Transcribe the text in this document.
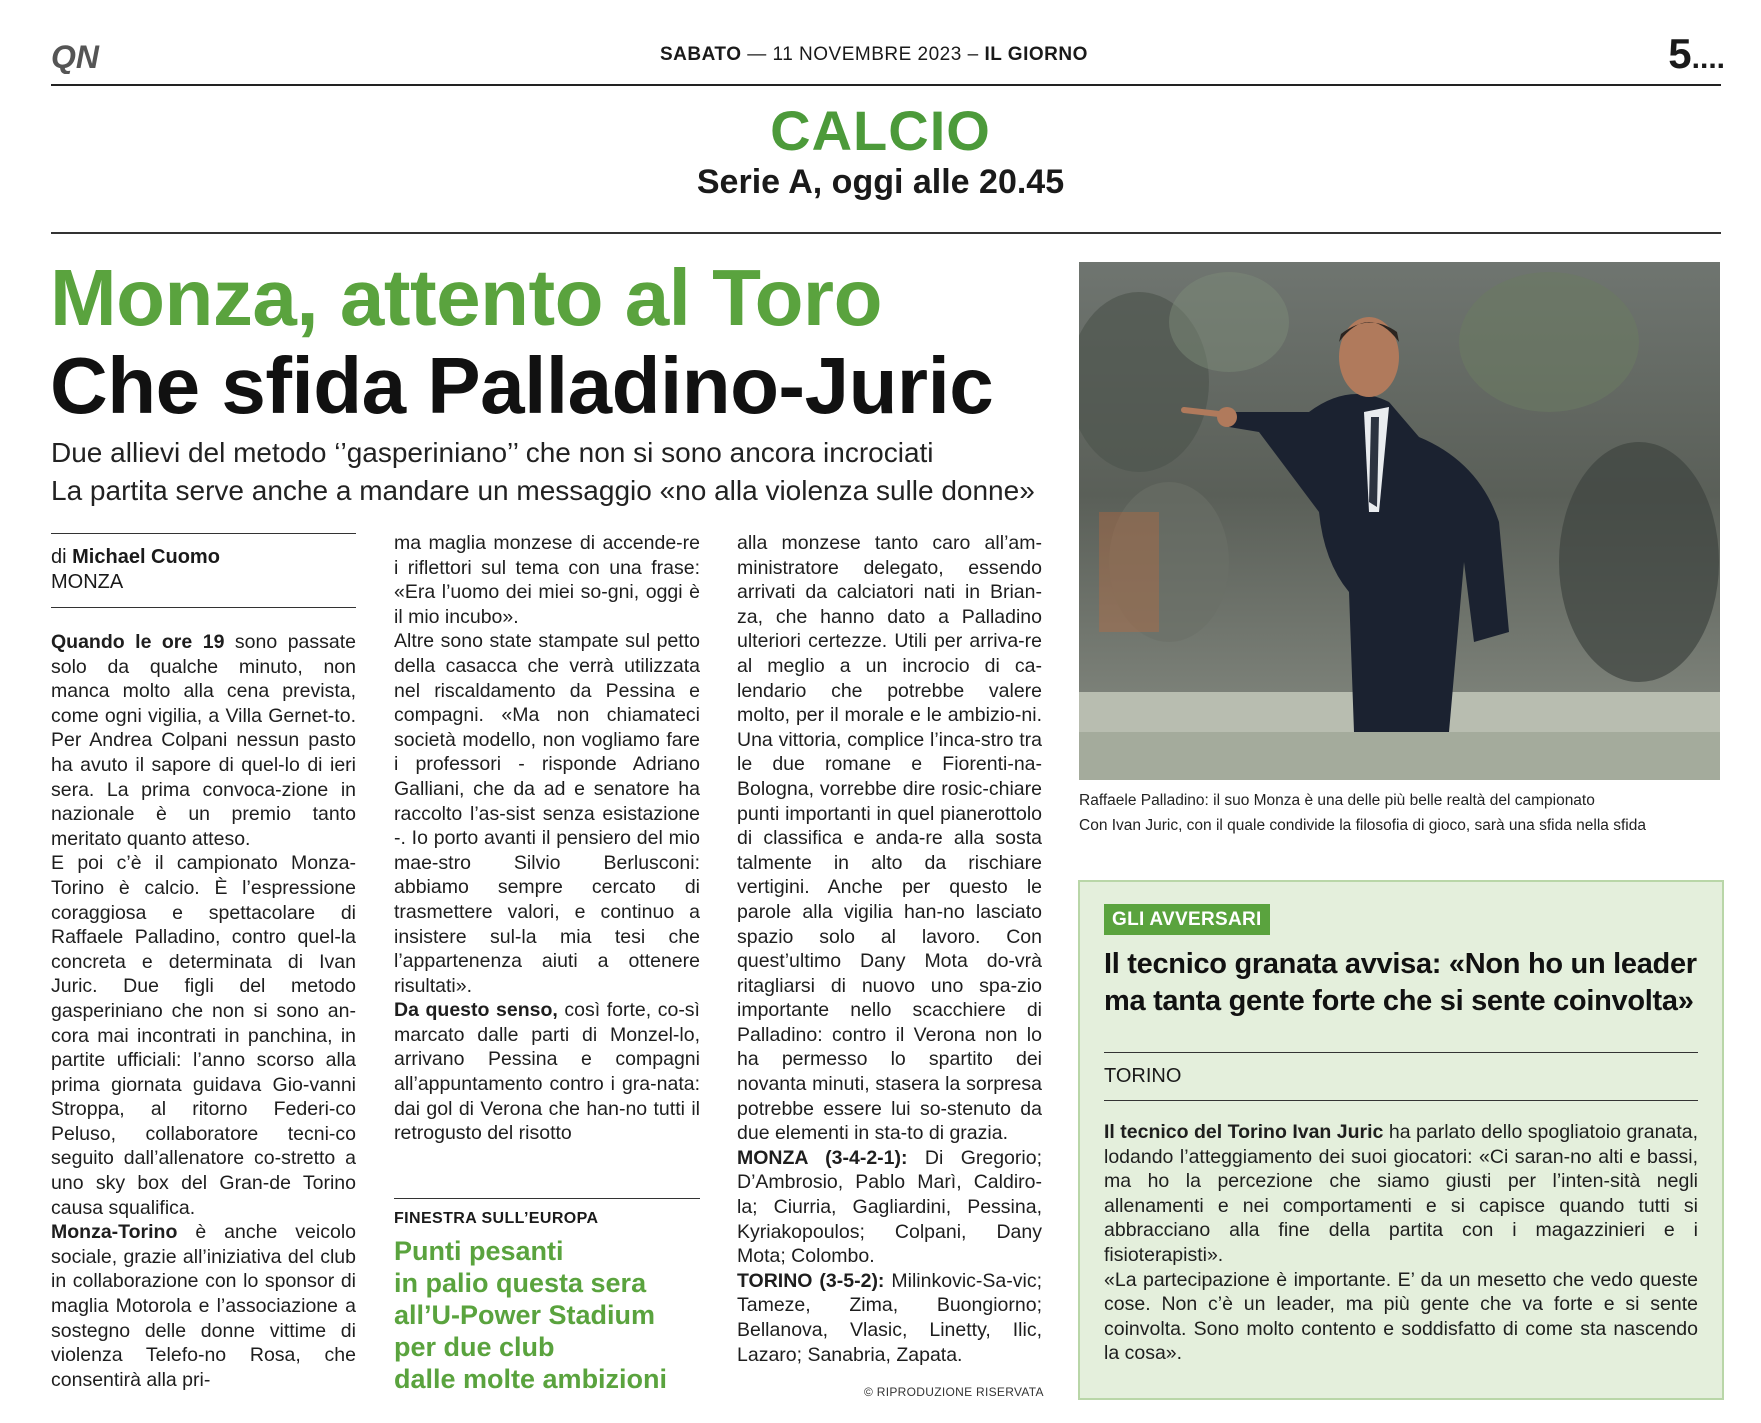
QN	SABATO — 11 NOVEMBRE 2023 – IL GIORNO	5....
CALCIO
Serie A, oggi alle 20.45
Monza, attento al Toro
Che sfida Palladino-Juric
Due allievi del metodo ‘’gasperiniano’’ che non si sono ancora incrociati
La partita serve anche a mandare un messaggio «no alla violenza sulle donne»
di Michael Cuomo
MONZA

Quando le ore 19 sono passate solo da qualche minuto, non manca molto alla cena prevista, come ogni vigilia, a Villa Gernet-to. Per Andrea Colpani nessun pasto ha avuto il sapore di quel-lo di ieri sera. La prima convoca-zione in nazionale è un premio tanto meritato quanto atteso.

E poi c’è il campionato Monza-Torino è calcio. È l’espressione coraggiosa e spettacolare di Raffaele Palladino, contro quel-la concreta e determinata di Ivan Juric. Due figli del metodo gasperiniano che non si sono an-cora mai incontrati in panchina, in partite ufficiali: l’anno scorso alla prima giornata guidava Gio-vanni Stroppa, al ritorno Federi-co Peluso, collaboratore tecni-co seguito dall’allenatore co-stretto a uno sky box del Gran-de Torino causa squalifica.

Monza-Torino è anche veicolo sociale, grazie all’iniziativa del club in collaborazione con lo sponsor di maglia Motorola e l’associazione a sostegno delle donne vittime di violenza Telefo-no Rosa, che consentirà alla pri-

ma maglia monzese di accende-re i riflettori sul tema con una frase: «Era l’uomo dei miei so-gni, oggi è il mio incubo».

Altre sono state stampate sul petto della casacca che verrà utilizzata nel riscaldamento da Pessina e compagni. «Ma non chiamateci società modello, non vogliamo fare i professori - risponde Adriano Galliani, che da ad e senatore ha raccolto l’as-sist senza esistazione -. Io porto avanti il pensiero del mio mae-stro Silvio Berlusconi: abbiamo sempre cercato di trasmettere valori, e continuo a insistere sul-la mia tesi che l’appartenenza aiuti a ottenere risultati».

Da questo senso, così forte, co-sì marcato dalle parti di Monzel-lo, arrivano Pessina e compagni all’appuntamento contro i gra-nata: dai gol di Verona che han-no tutti il retrogusto del risotto

alla monzese tanto caro all’am-ministratore delegato, essendo arrivati da calciatori nati in Brian-za, che hanno dato a Palladino ulteriori certezze. Utili per arriva-re al meglio a un incrocio di ca-lendario che potrebbe valere molto, per il morale e le ambizio-ni. Una vittoria, complice l’inca-stro tra le due romane e Fiorenti-na-Bologna, vorrebbe dire rosic-chiare punti importanti in quel pianerottolo di classifica e anda-re alla sosta talmente in alto da rischiare vertigini. Anche per questo le parole alla vigilia han-no lasciato spazio solo al lavoro. Con quest’ultimo Dany Mota do-vrà ritagliarsi di nuovo uno spa-zio importante nello scacchiere di Palladino: contro il Verona non lo ha permesso lo spartito dei novanta minuti, stasera la sorpresa potrebbe essere lui so-stenuto da due elementi in sta-to di grazia.

MONZA (3-4-2-1): Di Gregorio; D’Ambrosio, Pablo Marì, Caldiro-la; Ciurria, Gagliardini, Pessina, Kyriakopoulos; Colpani, Dany Mota; Colombo.

TORINO (3-5-2): Milinkovic-Sa-vic; Tameze, Zima, Buongiorno; Bellanova, Vlasic, Linetty, Ilic, Lazaro; Sanabria, Zapata.

FINESTRA SULL’EUROPA
Punti pesanti
in palio questa sera
all’U-Power Stadium
per due club
dalle molte ambizioni	© RIPRODUZIONE RISERVATA
Raffaele Palladino: il suo Monza è una delle più belle realtà del campionato
Con Ivan Juric, con il quale condivide la filosofia di gioco, sarà una sfida nella sfida
GLI AVVERSARI
Il tecnico granata avvisa: «Non ho un leader
ma tanta gente forte che si sente coinvolta»
TORINO

Il tecnico del Torino Ivan Juric ha parlato dello spogliatoio granata, lodando l’atteggiamento dei suoi giocatori: «Ci saran-no alti e bassi, ma ho la percezione che siamo giusti per l’inten-sità negli allenamenti e nei comportamenti e si capisce quando tutti si abbracciano alla fine della partita con i magazzinieri e i fisioterapisti».

«La partecipazione è importante. E’ da un mesetto che vedo queste cose. Non c’è un leader, ma più gente che va forte e si sente coinvolta. Sono molto contento e soddisfatto di come sta nascendo la cosa».
